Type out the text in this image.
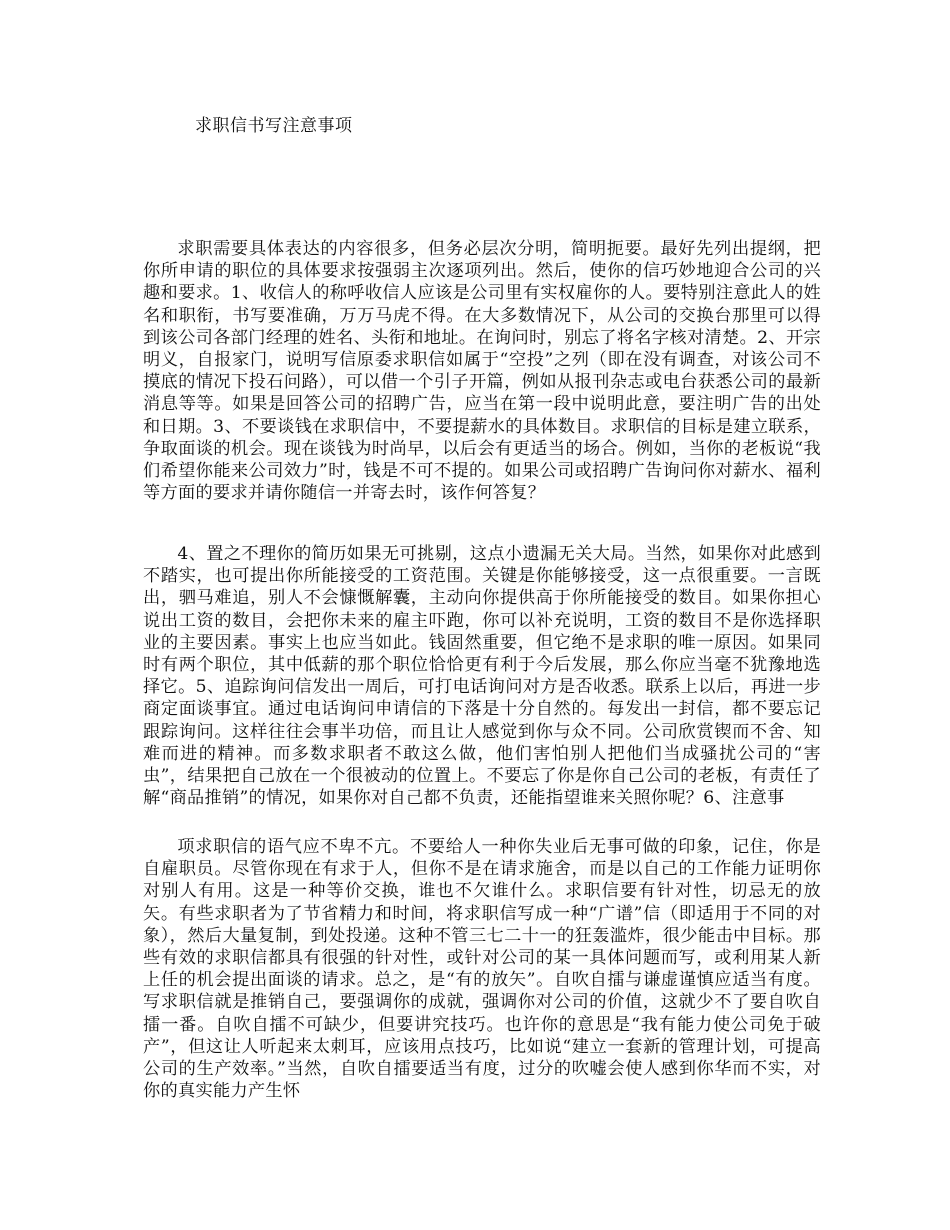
求职信书写注意事项

求职需要具体表达的内容很多，但务必层次分明，简明扼要。最好先列出提纲，把你所申请的职位的具体要求按强弱主次逐项列出。然后，使你的信巧妙地迎合公司的兴趣和要求。1、收信人的称呼收信人应该是公司里有实权雇你的人。要特别注意此人的姓名和职衔，书写要准确，万万马虎不得。在大多数情况下，从公司的交换台那里可以得到该公司各部门经理的姓名、头衔和地址。在询问时，别忘了将名字核对清楚。2、开宗明义，自报家门，说明写信原委求职信如属于“空投”之列（即在没有调查，对该公司不摸底的情况下投石问路），可以借一个引子开篇，例如从报刊杂志或电台获悉公司的最新消息等等。如果是回答公司的招聘广告，应当在第一段中说明此意，要注明广告的出处和日期。3、不要谈钱在求职信中，不要提薪水的具体数目。求职信的目标是建立联系，争取面谈的机会。现在谈钱为时尚早，以后会有更适当的场合。例如，当你的老板说“我们希望你能来公司效力”时，钱是不可不提的。如果公司或招聘广告询问你对薪水、福利等方面的要求并请你随信一并寄去时，该作何答复？

4、置之不理你的简历如果无可挑剔，这点小遗漏无关大局。当然，如果你对此感到不踏实，也可提出你所能接受的工资范围。关键是你能够接受，这一点很重要。一言既出，驷马难追，别人不会慷慨解囊，主动向你提供高于你所能接受的数目。如果你担心说出工资的数目，会把你未来的雇主吓跑，你可以补充说明，工资的数目不是你选择职业的主要因素。事实上也应当如此。钱固然重要，但它绝不是求职的唯一原因。如果同时有两个职位，其中低薪的那个职位恰恰更有利于今后发展，那么你应当毫不犹豫地选择它。5、追踪询问信发出一周后，可打电话询问对方是否收悉。联系上以后，再进一步商定面谈事宜。通过电话询问申请信的下落是十分自然的。每发出一封信，都不要忘记跟踪询问。这样往往会事半功倍，而且让人感觉到你与众不同。公司欣赏锲而不舍、知难而进的精神。而多数求职者不敢这么做，他们害怕别人把他们当成骚扰公司的“害虫”，结果把自己放在一个很被动的位置上。不要忘了你是你自己公司的老板，有责任了解“商品推销”的情况，如果你对自己都不负责，还能指望谁来关照你呢？6、注意事

项求职信的语气应不卑不亢。不要给人一种你失业后无事可做的印象，记住，你是自雇职员。尽管你现在有求于人，但你不是在请求施舍，而是以自己的工作能力证明你对别人有用。这是一种等价交换，谁也不欠谁什么。求职信要有针对性，切忌无的放矢。有些求职者为了节省精力和时间，将求职信写成一种“广谱”信（即适用于不同的对象），然后大量复制，到处投递。这种不管三七二十一的狂轰滥炸，很少能击中目标。那些有效的求职信都具有很强的针对性，或针对公司的某一具体问题而写，或利用某人新上任的机会提出面谈的请求。总之，是“有的放矢”。自吹自擂与谦虚谨慎应适当有度。写求职信就是推销自己，要强调你的成就，强调你对公司的价值，这就少不了要自吹自擂一番。自吹自擂不可缺少，但要讲究技巧。也许你的意思是“我有能力使公司免于破产”，但这让人听起来太刺耳，应该用点技巧，比如说“建立一套新的管理计划，可提高公司的生产效率。”当然，自吹自擂要适当有度，过分的吹嘘会使人感到你华而不实，对你的真实能力产生怀
